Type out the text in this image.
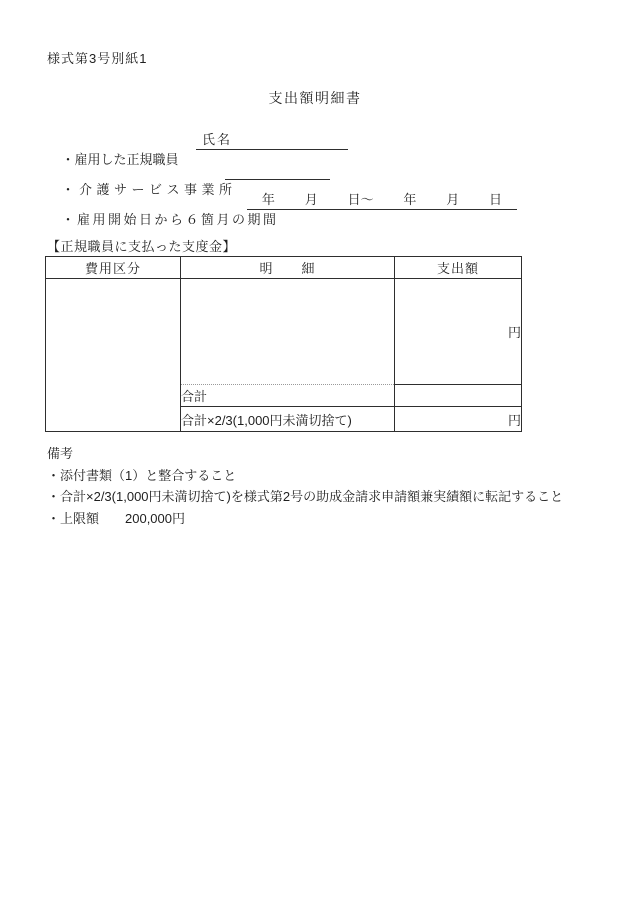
様式第3号別紙1
支出額明細書

・雇用した正規職員

氏名

・介護サービス事業所

・雇用開始日から６箇月の期間

年 月 日～ 年 月 日

【正規職員に支払った支度金】
費用区分	明　　細	支出額
		円
	合計	
	合計×2/3(1,000円未満切捨て)	円
備考
・添付書類（1）と整合すること
・合計×2/3(1,000円未満切捨て)を様式第2号の助成金請求申請額兼実績額に転記すること
・上限額　　200,000円
